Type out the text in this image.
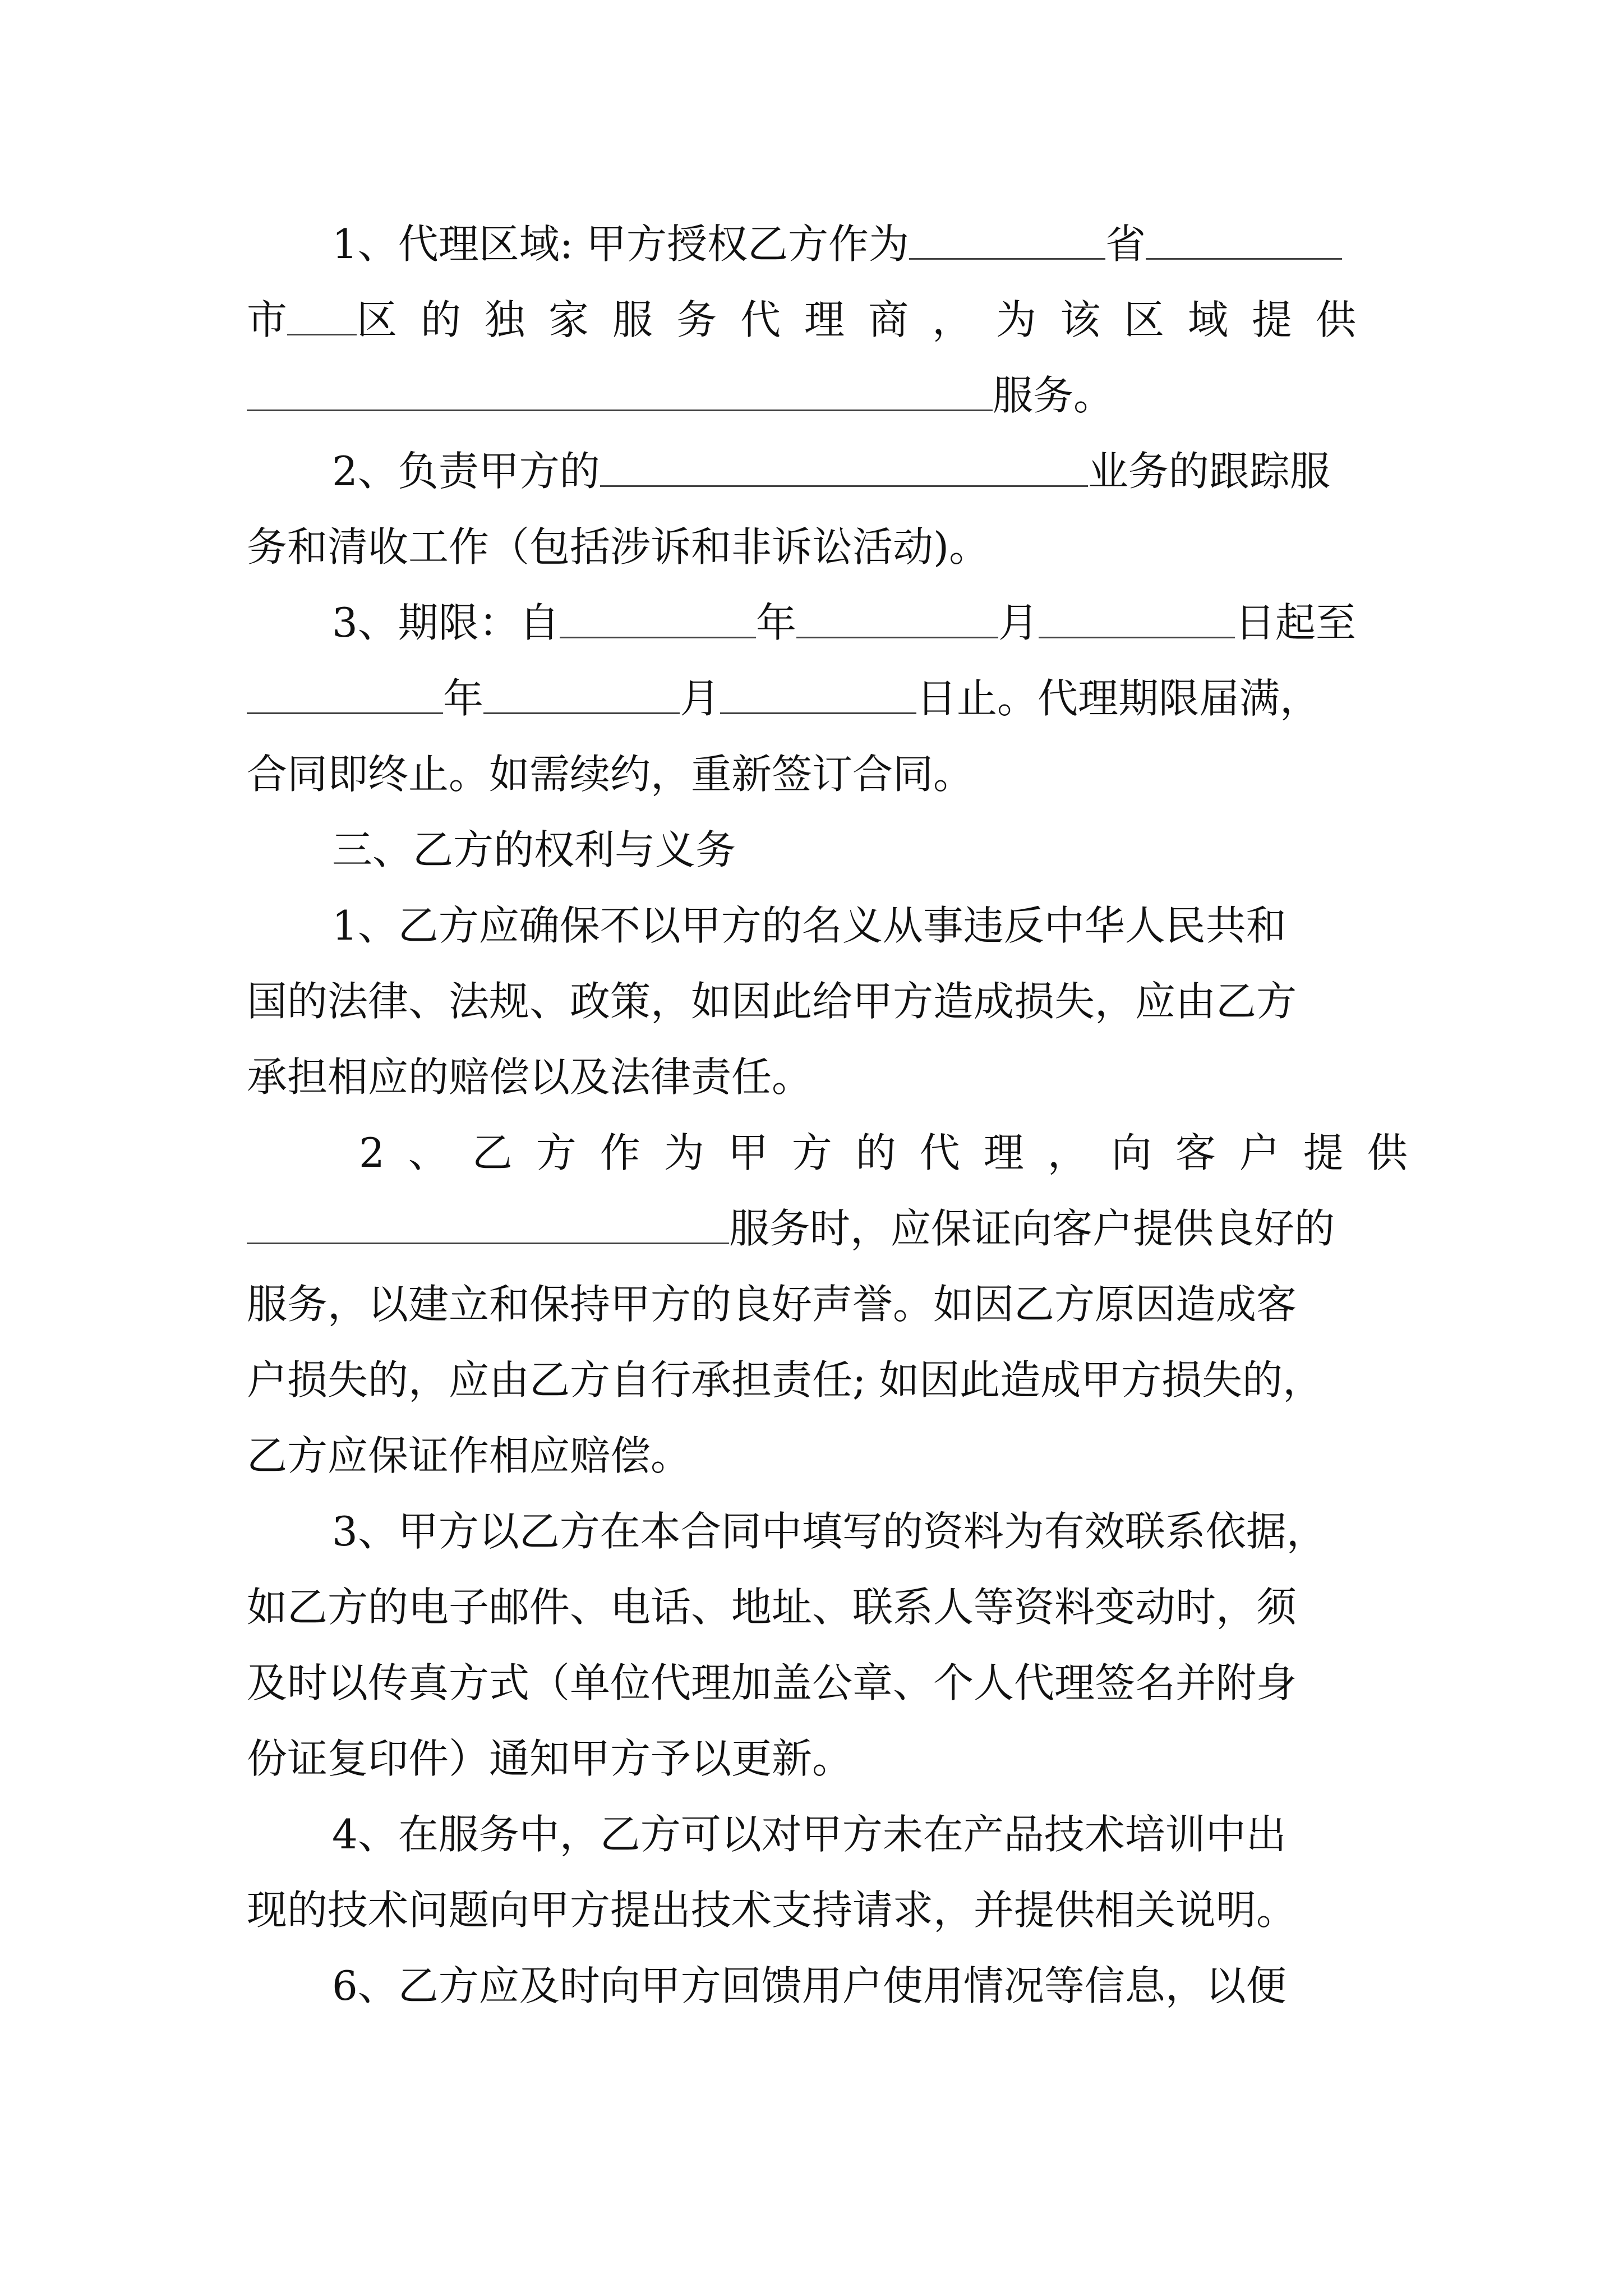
1、代理区域: 甲方授权乙方作为	省
市 区的独家服务代理商，为该区域提供
服务。
2、负责甲方的	业务的跟踪服
务和清收工作（包括涉诉和非诉讼活动)。
3、期限：自	年	月	日起至
年	月	日止。代理期限届满，
合同即终止。如需续约，重新签订合同。
三、乙方的权利与义务
1、乙方应确保不以甲方的名义从事违反中华人民共和
国的法律、法规、政策，如因此给甲方造成损失，应由乙方
承担相应的赔偿以及法律责任。
2、乙方作为甲方的代理，向客户提供
服务时，应保证向客户提供良好的
服务，以建立和保持甲方的良好声誉。如因乙方原因造成客
户损失的，应由乙方自行承担责任; 如因此造成甲方损失的，
乙方应保证作相应赔偿。
3、甲方以乙方在本合同中填写的资料为有效联系依据，
如乙方的电子邮件、电话、地址、联系人等资料变动时，须
及时以传真方式（单位代理加盖公章、个人代理签名并附身
份证复印件）通知甲方予以更新。
4、在服务中，乙方可以对甲方未在产品技术培训中出
现的技术问题向甲方提出技术支持请求，并提供相关说明。
6、乙方应及时向甲方回馈用户使用情况等信息，以便
